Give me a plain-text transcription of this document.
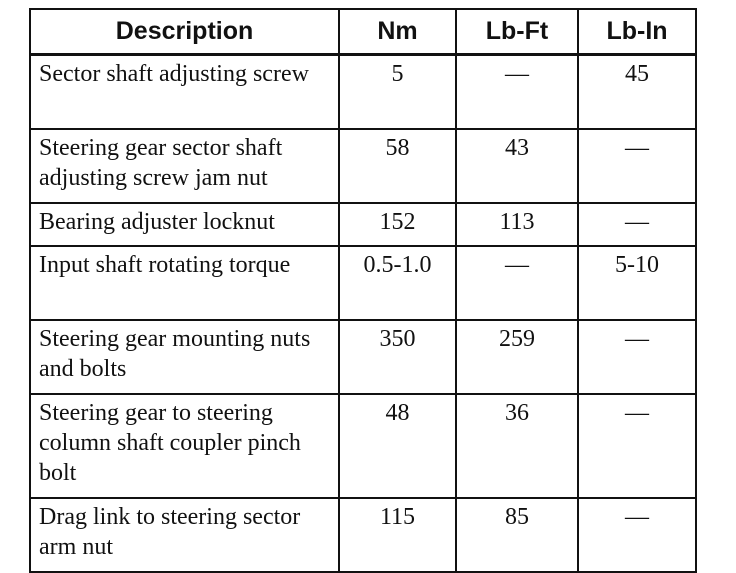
Description	Nm	Lb-Ft	Lb-In
Sector shaft adjusting screw	5	—	45
Steering gear sector shaft adjusting screw jam nut	58	43	—
Bearing adjuster locknut	152	113	—
Input shaft rotating torque	0.5-1.0	—	5-10
Steering gear mounting nuts and bolts	350	259	—
Steering gear to steering column shaft coupler pinch bolt	48	36	—
Drag link to steering sector arm nut	115	85	—
